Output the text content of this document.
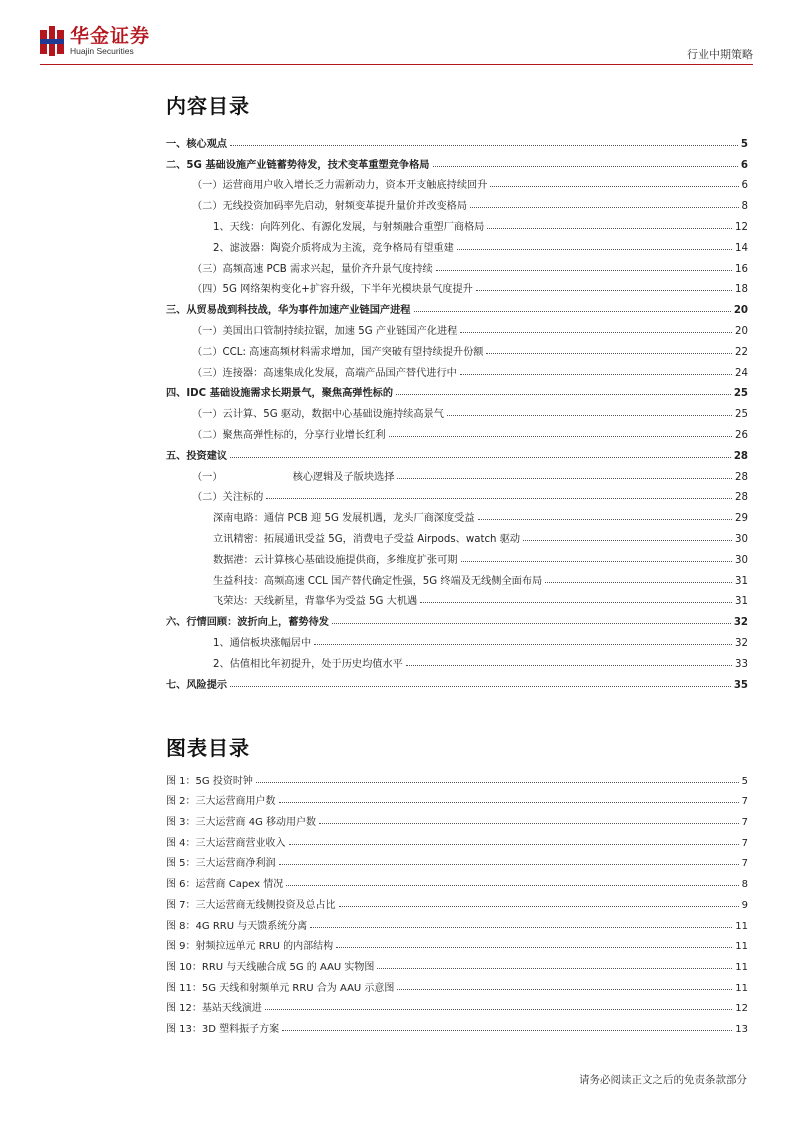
华金证券
Huajin Securities	行业中期策略
内容目录
一、核心观点	5
二、5G 基础设施产业链蓄势待发，技术变革重塑竞争格局	6
（一）运营商用户收入增长乏力需新动力，资本开支触底持续回升	6
（二）无线投资加码率先启动，射频变革提升量价并改变格局	8
1、天线：向阵列化、有源化发展，与射频融合重塑厂商格局	12
2、滤波器：陶瓷介质将成为主流，竞争格局有望重建	14
（三）高频高速 PCB 需求兴起，量价齐升景气度持续	16
（四）5G 网络架构变化+扩容升级，下半年光模块景气度提升	18
三、从贸易战到科技战，华为事件加速产业链国产进程	20
（一）美国出口管制持续拉锯，加速 5G 产业链国产化进程	20
（二）CCL: 高速高频材料需求增加，国产突破有望持续提升份额	22
（三）连接器：高速集成化发展，高端产品国产替代进行中	24
四、IDC 基础设施需求长期景气，聚焦高弹性标的	25
（一）云计算、5G 驱动，数据中心基础设施持续高景气	25
（二）聚焦高弹性标的，分享行业增长红利	26
五、投资建议	28
（一）	核心逻辑及子版块选择	28
（二）关注标的	28
深南电路：通信 PCB 迎 5G 发展机遇，龙头厂商深度受益	29
立讯精密：拓展通讯受益 5G，消费电子受益 Airpods、watch 驱动	30
数据港：云计算核心基础设施提供商，多维度扩张可期	30
生益科技：高频高速 CCL 国产替代确定性强，5G 终端及无线侧全面布局	31
飞荣达：天线新星，背靠华为受益 5G 大机遇	31
六、行情回顾：波折向上，蓄势待发	32
1、通信板块涨幅居中	32
2、估值相比年初提升，处于历史均值水平	33
七、风险提示	35
图表目录
图 1：5G 投资时钟	5
图 2：三大运营商用户数	7
图 3：三大运营商 4G 移动用户数	7
图 4：三大运营商营业收入	7
图 5：三大运营商净利润	7
图 6：运营商 Capex 情况	8
图 7：三大运营商无线侧投资及总占比	9
图 8：4G RRU 与天馈系统分离	11
图 9：射频拉远单元 RRU 的内部结构	11
图 10：RRU 与天线融合成 5G 的 AAU 实物图	11
图 11：5G 天线和射频单元 RRU 合为 AAU 示意图	11
图 12：基站天线演进	12
图 13：3D 塑料振子方案	13
请务必阅读正文之后的免责条款部分
